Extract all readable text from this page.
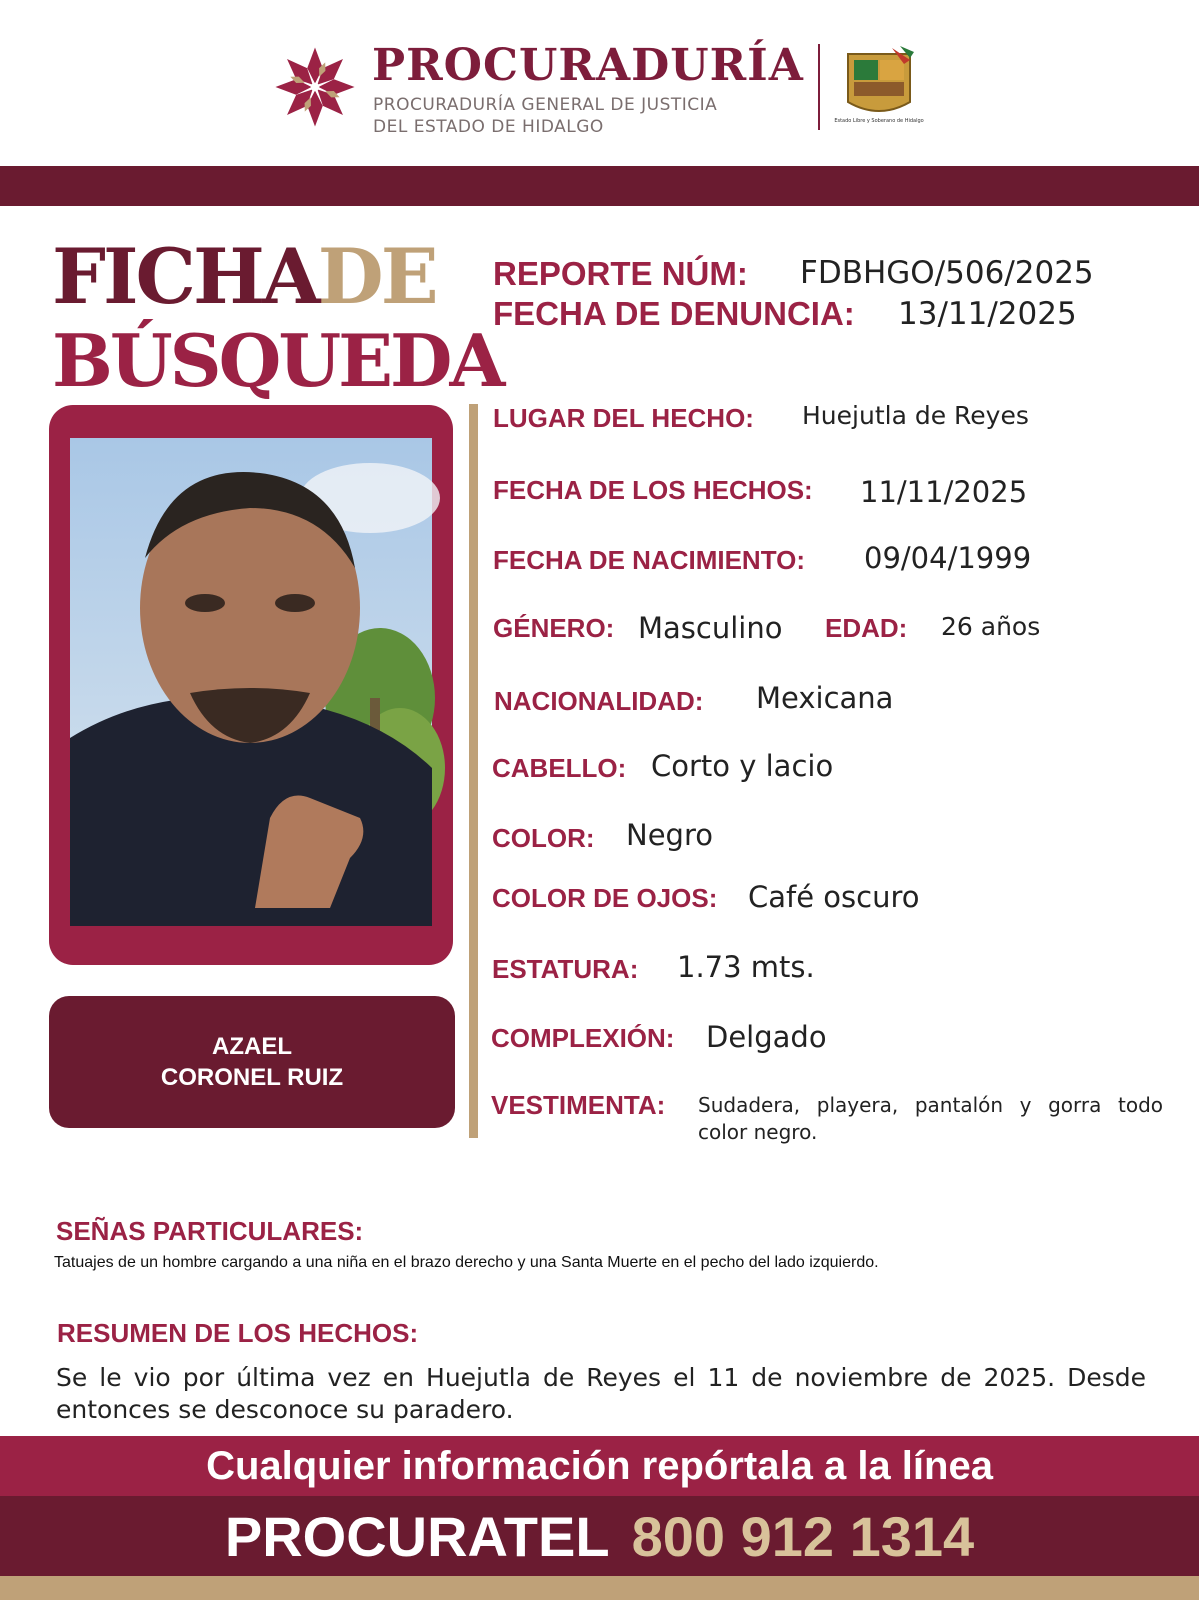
PROCURADURÍA
PROCURADURÍA GENERAL DE JUSTICIA
DEL ESTADO DE HIDALGO	Estado Libre y Soberano de Hidalgo
FICHADE
BÚSQUEDA
AZAEL
CORONEL RUIZ
REPORTE NÚM: FDBHGO/506/2025
FECHA DE DENUNCIA: 13/11/2025
LUGAR DEL HECHO: Huejutla de Reyes
FECHA DE LOS HECHOS: 11/11/2025
FECHA DE NACIMIENTO: 09/04/1999
GÉNERO: Masculino EDAD: 26 años
NACIONALIDAD: Mexicana
CABELLO: Corto y lacio
COLOR: Negro
COLOR DE OJOS: Café oscuro
ESTATURA: 1.73 mts.
COMPLEXIÓN: Delgado
VESTIMENTA: Sudadera, playera, pantalón y gorra todo color negro.
SEÑAS PARTICULARES:
Tatuajes de un hombre cargando a una niña en el brazo derecho y una Santa Muerte en el pecho del lado izquierdo.
RESUMEN DE LOS HECHOS:
Se le vio por última vez en Huejutla de Reyes el 11 de noviembre de 2025. Desde entonces se desconoce su paradero.
Cualquier información repórtala a la línea
PROCURATEL 800 912 1314
